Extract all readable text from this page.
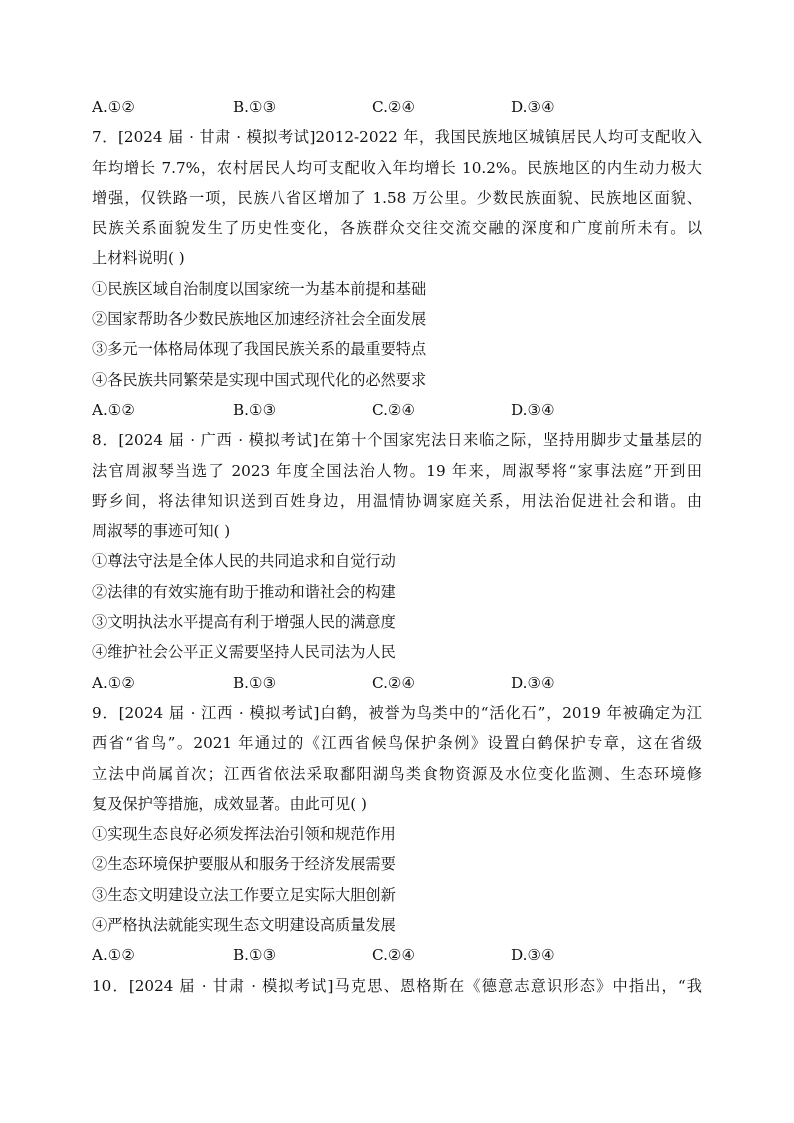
A.①②	B.①③	C.②④	D.③④
7．[2024 届 · 甘肃 · 模拟考试]2012-2022 年，我国民族地区城镇居民人均可支配收入
年均增长 7.7%，农村居民人均可支配收入年均增长 10.2%。民族地区的内生动力极大
增强，仅铁路一项，民族八省区增加了 1.58 万公里。少数民族面貌、民族地区面貌、
民族关系面貌发生了历史性变化，各族群众交往交流交融的深度和广度前所未有。以
上材料说明( )
①民族区域自治制度以国家统一为基本前提和基础
②国家帮助各少数民族地区加速经济社会全面发展
③多元一体格局体现了我国民族关系的最重要特点
④各民族共同繁荣是实现中国式现代化的必然要求
A.①②	B.①③	C.②④	D.③④
8．[2024 届 · 广西 · 模拟考试]在第十个国家宪法日来临之际，坚持用脚步丈量基层的
法官周淑琴当选了 2023 年度全国法治人物。19 年来，周淑琴将“家事法庭”开到田
野乡间，将法律知识送到百姓身边，用温情协调家庭关系，用法治促进社会和谐。由
周淑琴的事迹可知( )
①尊法守法是全体人民的共同追求和自觉行动
②法律的有效实施有助于推动和谐社会的构建
③文明执法水平提高有利于增强人民的满意度
④维护社会公平正义需要坚持人民司法为人民
A.①②	B.①③	C.②④	D.③④
9．[2024 届 · 江西 · 模拟考试]白鹤，被誉为鸟类中的“活化石”，2019 年被确定为江
西省“省鸟”。2021 年通过的《江西省候鸟保护条例》设置白鹤保护专章，这在省级
立法中尚属首次；江西省依法采取鄱阳湖鸟类食物资源及水位变化监测、生态环境修
复及保护等措施，成效显著。由此可见( )
①实现生态良好必须发挥法治引领和规范作用
②生态环境保护要服从和服务于经济发展需要
③生态文明建设立法工作要立足实际大胆创新
④严格执法就能实现生态文明建设高质量发展
A.①②	B.①③	C.②④	D.③④
10．[2024 届 · 甘肃 · 模拟考试]马克思、恩格斯在《德意志意识形态》中指出，“我
